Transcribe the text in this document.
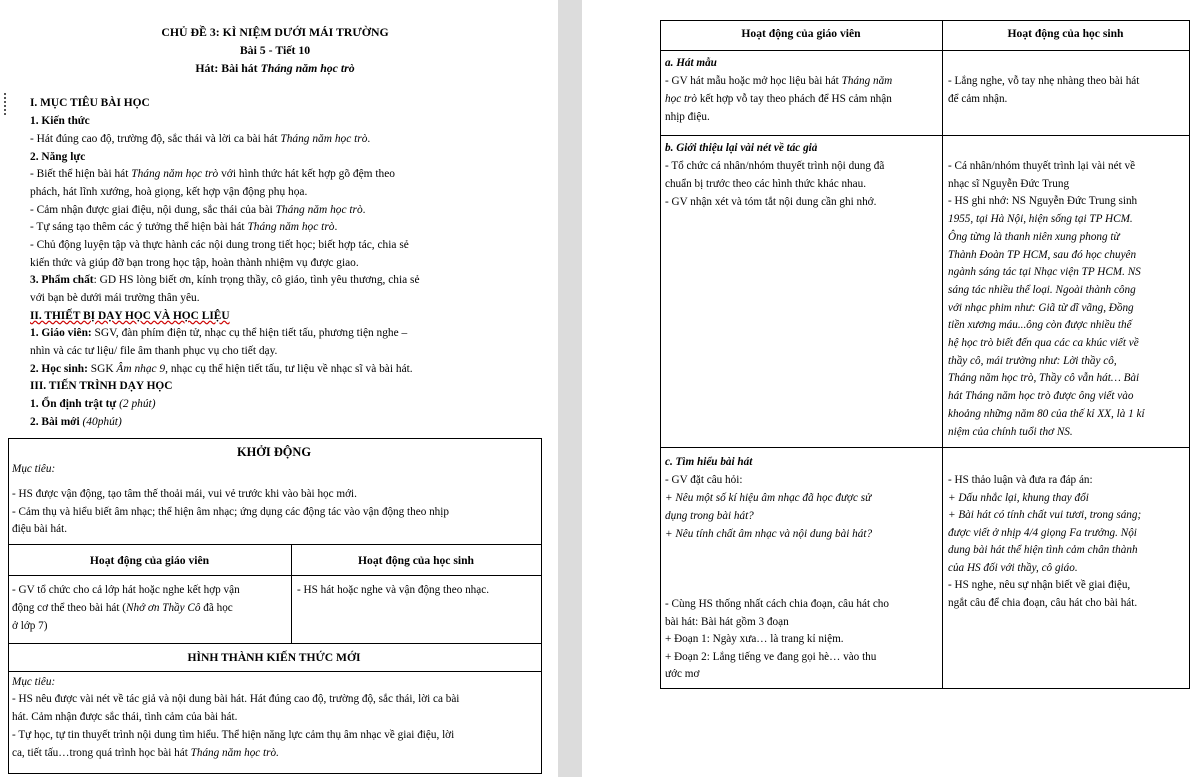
CHỦ ĐỀ 3: KÌ NIỆM DƯỚI MÁI TRƯỜNG
Bài 5 - Tiết 10
Hát: Bài hát Tháng năm học trò
I. MỤC TIÊU BÀI HỌC
1. Kiến thức
- Hát đúng cao độ, trường độ, sắc thái và lời ca bài hát Tháng năm học trò.
2. Năng lực
- Biết thể hiện bài hát Tháng năm học trò với hình thức hát kết hợp gõ đệm theo
phách, hát lĩnh xướng, hoà giọng, kết hợp vận động phụ họa.
- Cảm nhận được giai điệu, nội dung, sắc thái của bài Tháng năm học trò.
- Tự sáng tạo thêm các ý tưởng thể hiện bài hát Tháng năm học trò.
- Chủ động luyện tập và thực hành các nội dung trong tiết học; biết hợp tác, chia sẻ
kiến thức và giúp đỡ bạn trong học tập, hoàn thành nhiệm vụ được giao.
3. Phẩm chất: GD HS lòng biết ơn, kính trọng thầy, cô giáo, tình yêu thương, chia sẻ
với bạn bè dưới mái trường thân yêu.
II. THIẾT BỊ DẠY HỌC VÀ HỌC LIỆU
1. Giáo viên: SGV, đàn phím điện tử, nhạc cụ thể hiện tiết tấu, phương tiện nghe –
nhìn và các tư liệu/ file âm thanh phục vụ cho tiết dạy.
2. Học sinh: SGK Âm nhạc 9, nhạc cụ thể hiện tiết tấu, tư liệu về nhạc sĩ và bài hát.
III. TIẾN TRÌNH DẠY HỌC
1. Ổn định trật tự (2 phút)
2. Bài mới (40phút)
KHỞI ĐỘNG
Mục tiêu:
- HS được vận động, tạo tâm thế thoải mái, vui vẻ trước khi vào bài học mới.
- Cảm thụ và hiểu biết âm nhạc; thể hiện âm nhạc; ứng dụng các động tác vào vận động theo nhịp
điệu bài hát.
Hoạt động của giáo viên	Hoạt động của học sinh
- GV tổ chức cho cả lớp hát hoặc nghe kết hợp vận
động cơ thể theo bài hát (Nhớ ơn Thầy Cô đã học
ở lớp 7)
- HS hát hoặc nghe và vận động theo nhạc.
HÌNH THÀNH KIẾN THỨC MỚI
Mục tiêu:
- HS nêu được vài nét về tác giả và nội dung bài hát. Hát đúng cao độ, trường độ, sắc thái, lời ca bài
hát. Cảm nhận được sắc thái, tình cảm của bài hát.
- Tự học, tự tin thuyết trình nội dung tìm hiểu. Thể hiện năng lực cảm thụ âm nhạc về giai điệu, lời
ca, tiết tấu…trong quá trình học bài hát Tháng năm học trò.
Hoạt động của giáo viên	Hoạt động của học sinh
a. Hát mẫu
- GV hát mẫu hoặc mở học liệu bài hát Tháng năm
học trò kết hợp vỗ tay theo phách để HS cảm nhận
nhịp điệu.
- Lắng nghe, vỗ tay nhẹ nhàng theo bài hát
để cảm nhận.
b. Giới thiệu lại vài nét về tác giả
- Tổ chức cá nhân/nhóm thuyết trình nội dung đã
chuẩn bị trước theo các hình thức khác nhau.
- GV nhận xét và tóm tắt nội dung cần ghi nhớ.
c. Tìm hiểu bài hát
- Cá nhân/nhóm thuyết trình lại vài nét về
nhạc sĩ Nguyễn Đức Trung
- HS ghi nhớ: NS Nguyễn Đức Trung sinh
1955, tại Hà Nội, hiện sống tại TP HCM.
Ông từng là thanh niên xung phong từ
Thành Đoàn TP HCM, sau đó học chuyên
ngành sáng tác tại Nhạc viện TP HCM. NS
sáng tác nhiều thể loại. Ngoài thành công
với nhạc phim như: Giã từ dĩ vãng, Đồng
tiền xương máu...ông còn được nhiều thế
hệ học trò biết đến qua các ca khúc viết về
thầy cô, mái trường như: Lời thầy cô,
Tháng năm học trò, Thầy cô vẫn hát… Bài
hát Tháng năm học trò được ông viết vào
khoảng những năm 80 của thế kỉ XX, là 1 kỉ
niệm của chính tuổi thơ NS.
- GV đặt câu hỏi:
+ Nêu một số kí hiệu âm nhạc đã học được sử
dụng trong bài hát?
+ Nêu tính chất âm nhạc và nội dung bài hát?
- Cùng HS thống nhất cách chia đoạn, câu hát cho
bài hát: Bài hát gồm 3 đoạn
+ Đoạn 1: Ngày xưa… là trang kỉ niệm.
+ Đoạn 2: Lắng tiếng ve đang gọi hè… vào thu
ước mơ
- HS thảo luận và đưa ra đáp án:
+ Dấu nhắc lại, khung thay đổi
+ Bài hát có tính chất vui tươi, trong sáng;
được viết ở nhịp 4/4 giọng Fa trưởng. Nội
dung bài hát thể hiện tình cảm chân thành
của HS đối với thầy, cô giáo.
- HS nghe, nêu sự nhận biết về giai điệu,
ngắt câu để chia đoạn, câu hát cho bài hát.
